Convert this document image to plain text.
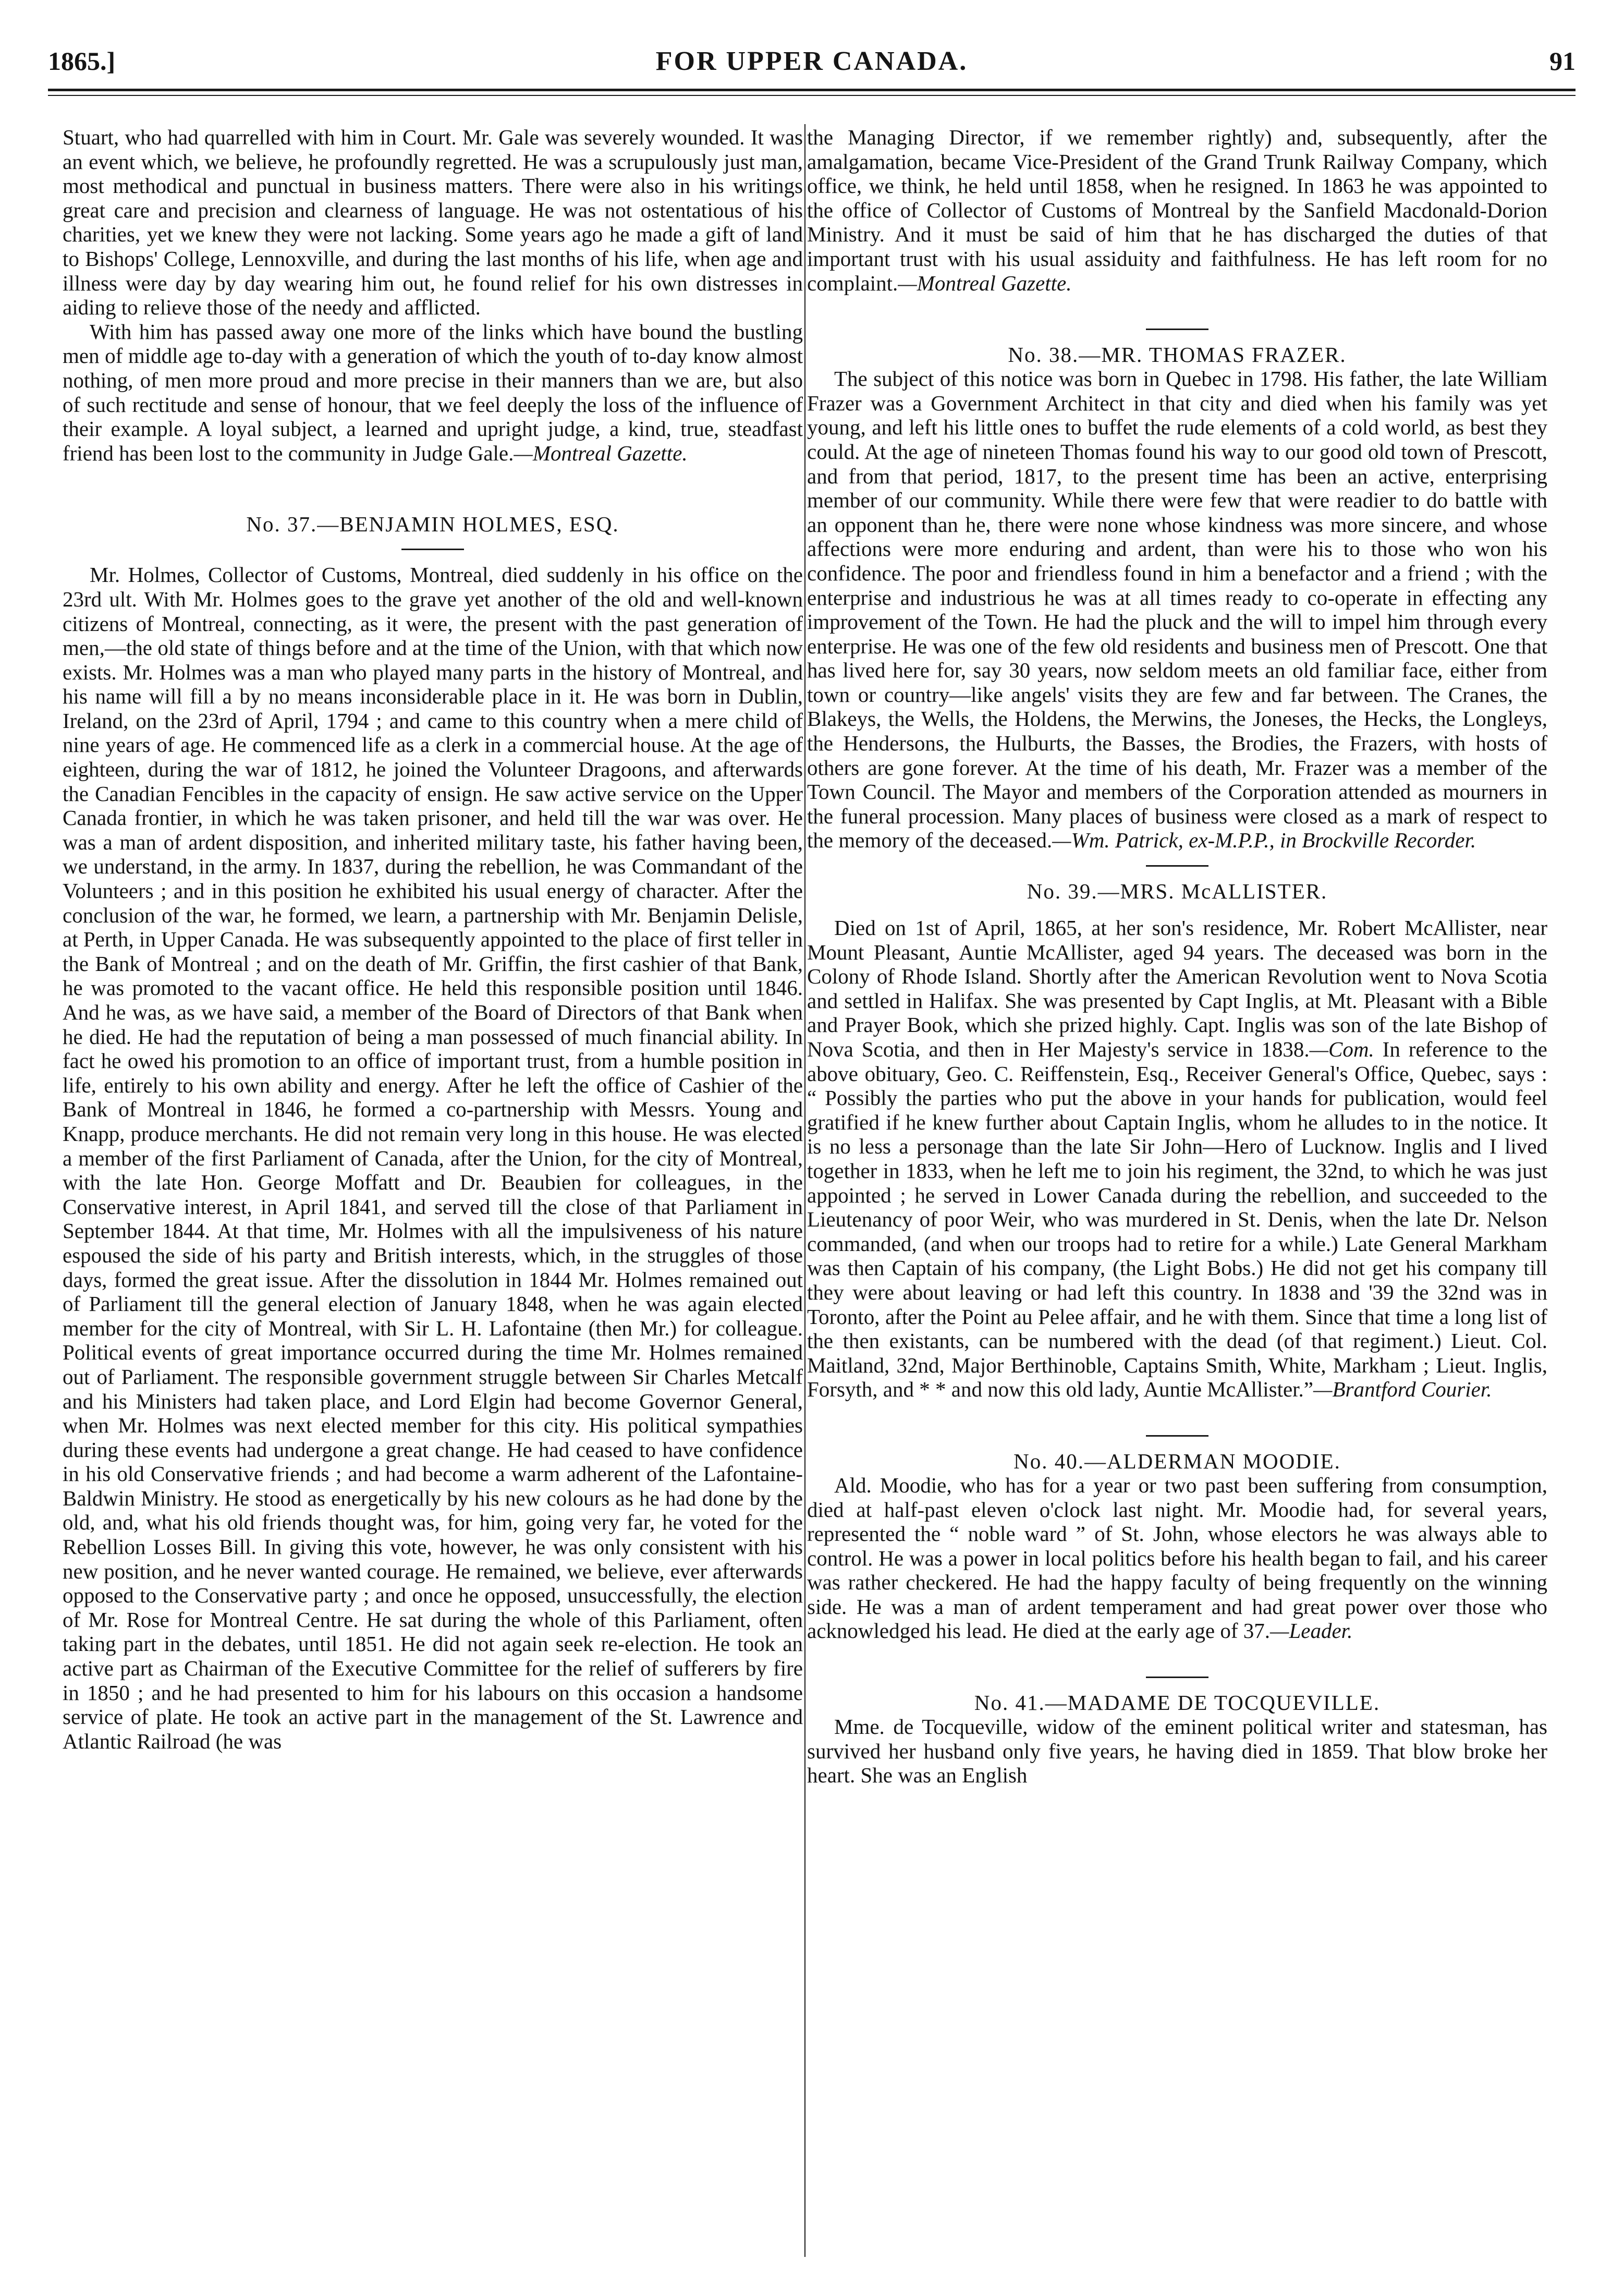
1865.]	FOR UPPER CANADA.	91

Stuart, who had quarrelled with him in Court. Mr. Gale was severely wounded. It was an event which, we believe, he profoundly regretted. He was a scrupulously just man, most methodical and punctual in business matters. There were also in his writings great care and precision and clearness of language. He was not ostentatious of his charities, yet we knew they were not lacking. Some years ago he made a gift of land to Bishops' College, Lennoxville, and during the last months of his life, when age and illness were day by day wearing him out, he found relief for his own distresses in aiding to relieve those of the needy and afflicted.

With him has passed away one more of the links which have bound the bustling men of middle age to-day with a generation of which the youth of to-day know almost nothing, of men more proud and more precise in their manners than we are, but also of such rectitude and sense of honour, that we feel deeply the loss of the influence of their example. A loyal subject, a learned and upright judge, a kind, true, steadfast friend has been lost to the community in Judge Gale.—Montreal Gazette.

No. 37.—BENJAMIN HOLMES, ESQ.

Mr. Holmes, Collector of Customs, Montreal, died suddenly in his office on the 23rd ult. With Mr. Holmes goes to the grave yet another of the old and well-known citizens of Montreal, connecting, as it were, the present with the past generation of men,—the old state of things before and at the time of the Union, with that which now exists. Mr. Holmes was a man who played many parts in the history of Montreal, and his name will fill a by no means inconsiderable place in it. He was born in Dublin, Ireland, on the 23rd of April, 1794 ; and came to this country when a mere child of nine years of age. He commenced life as a clerk in a commercial house. At the age of eighteen, during the war of 1812, he joined the Volunteer Dragoons, and afterwards the Canadian Fencibles in the capacity of ensign. He saw active service on the Upper Canada frontier, in which he was taken prisoner, and held till the war was over. He was a man of ardent disposition, and inherited military taste, his father having been, we understand, in the army. In 1837, during the rebellion, he was Commandant of the Volunteers ; and in this position he exhibited his usual energy of character. After the conclusion of the war, he formed, we learn, a partnership with Mr. Benjamin Delisle, at Perth, in Upper Canada. He was subsequently appointed to the place of first teller in the Bank of Montreal ; and on the death of Mr. Griffin, the first cashier of that Bank, he was promoted to the vacant office. He held this responsible position until 1846. And he was, as we have said, a member of the Board of Directors of that Bank when he died. He had the reputation of being a man possessed of much financial ability. In fact he owed his promotion to an office of important trust, from a humble position in life, entirely to his own ability and energy. After he left the office of Cashier of the Bank of Montreal in 1846, he formed a co-partnership with Messrs. Young and Knapp, produce merchants. He did not remain very long in this house. He was elected a member of the first Parliament of Canada, after the Union, for the city of Montreal, with the late Hon. George Moffatt and Dr. Beaubien for colleagues, in the Conservative interest, in April 1841, and served till the close of that Parliament in September 1844. At that time, Mr. Holmes with all the impulsiveness of his nature espoused the side of his party and British interests, which, in the struggles of those days, formed the great issue. After the dissolution in 1844 Mr. Holmes remained out of Parliament till the general election of January 1848, when he was again elected member for the city of Montreal, with Sir L. H. Lafontaine (then Mr.) for colleague. Political events of great importance occurred during the time Mr. Holmes remained out of Parliament. The responsible government struggle between Sir Charles Metcalf and his Ministers had taken place, and Lord Elgin had become Governor General, when Mr. Holmes was next elected member for this city. His political sympathies during these events had undergone a great change. He had ceased to have confidence in his old Conservative friends ; and had become a warm adherent of the Lafontaine-Baldwin Ministry. He stood as energetically by his new colours as he had done by the old, and, what his old friends thought was, for him, going very far, he voted for the Rebellion Losses Bill. In giving this vote, however, he was only consistent with his new position, and he never wanted courage. He remained, we believe, ever afterwards opposed to the Conservative party ; and once he opposed, unsuccessfully, the election of Mr. Rose for Montreal Centre. He sat during the whole of this Parliament, often taking part in the debates, until 1851. He did not again seek re-election. He took an active part as Chairman of the Executive Committee for the relief of sufferers by fire in 1850 ; and he had presented to him for his labours on this occasion a handsome service of plate. He took an active part in the management of the St. Lawrence and Atlantic Railroad (he was

the Managing Director, if we remember rightly) and, subsequently, after the amalgamation, became Vice-President of the Grand Trunk Railway Company, which office, we think, he held until 1858, when he resigned. In 1863 he was appointed to the office of Collector of Customs of Montreal by the Sanfield Macdonald-Dorion Ministry. And it must be said of him that he has discharged the duties of that important trust with his usual assiduity and faithfulness. He has left room for no complaint.—Montreal Gazette.

No. 38.—MR. THOMAS FRAZER.

The subject of this notice was born in Quebec in 1798. His father, the late William Frazer was a Government Architect in that city and died when his family was yet young, and left his little ones to buffet the rude elements of a cold world, as best they could. At the age of nineteen Thomas found his way to our good old town of Prescott, and from that period, 1817, to the present time has been an active, enterprising member of our community. While there were few that were readier to do battle with an opponent than he, there were none whose kindness was more sincere, and whose affections were more enduring and ardent, than were his to those who won his confidence. The poor and friendless found in him a benefactor and a friend ; with the enterprise and industrious he was at all times ready to co-operate in effecting any improvement of the Town. He had the pluck and the will to impel him through every enterprise. He was one of the few old residents and business men of Prescott. One that has lived here for, say 30 years, now seldom meets an old familiar face, either from town or country—like angels' visits they are few and far between. The Cranes, the Blakeys, the Wells, the Holdens, the Merwins, the Joneses, the Hecks, the Longleys, the Hendersons, the Hulburts, the Basses, the Brodies, the Frazers, with hosts of others are gone forever. At the time of his death, Mr. Frazer was a member of the Town Council. The Mayor and members of the Corporation attended as mourners in the funeral procession. Many places of business were closed as a mark of respect to the memory of the deceased.—Wm. Patrick, ex-M.P.P., in Brockville Recorder.

No. 39.—MRS. McALLISTER.

Died on 1st of April, 1865, at her son's residence, Mr. Robert McAllister, near Mount Pleasant, Auntie McAllister, aged 94 years. The deceased was born in the Colony of Rhode Island. Shortly after the American Revolution went to Nova Scotia and settled in Halifax. She was presented by Capt Inglis, at Mt. Pleasant with a Bible and Prayer Book, which she prized highly. Capt. Inglis was son of the late Bishop of Nova Scotia, and then in Her Majesty's service in 1838.—Com. In reference to the above obituary, Geo. C. Reiffenstein, Esq., Receiver General's Office, Quebec, says : “ Possibly the parties who put the above in your hands for publication, would feel gratified if he knew further about Captain Inglis, whom he alludes to in the notice. It is no less a personage than the late Sir John—Hero of Lucknow. Inglis and I lived together in 1833, when he left me to join his regiment, the 32nd, to which he was just appointed ; he served in Lower Canada during the rebellion, and succeeded to the Lieutenancy of poor Weir, who was murdered in St. Denis, when the late Dr. Nelson commanded, (and when our troops had to retire for a while.) Late General Markham was then Captain of his company, (the Light Bobs.) He did not get his company till they were about leaving or had left this country. In 1838 and '39 the 32nd was in Toronto, after the Point au Pelee affair, and he with them. Since that time a long list of the then existants, can be numbered with the dead (of that regiment.) Lieut. Col. Maitland, 32nd, Major Berthinoble, Captains Smith, White, Markham ; Lieut. Inglis, Forsyth, and * * and now this old lady, Auntie McAllister.”—Brantford Courier.

No. 40.—ALDERMAN MOODIE.

Ald. Moodie, who has for a year or two past been suffering from consumption, died at half-past eleven o'clock last night. Mr. Moodie had, for several years, represented the “ noble ward ” of St. John, whose electors he was always able to control. He was a power in local politics before his health began to fail, and his career was rather checkered. He had the happy faculty of being frequently on the winning side. He was a man of ardent temperament and had great power over those who acknowledged his lead. He died at the early age of 37.—Leader.

No. 41.—MADAME DE TOCQUEVILLE.

Mme. de Tocqueville, widow of the eminent political writer and statesman, has survived her husband only five years, he having died in 1859. That blow broke her heart. She was an English
